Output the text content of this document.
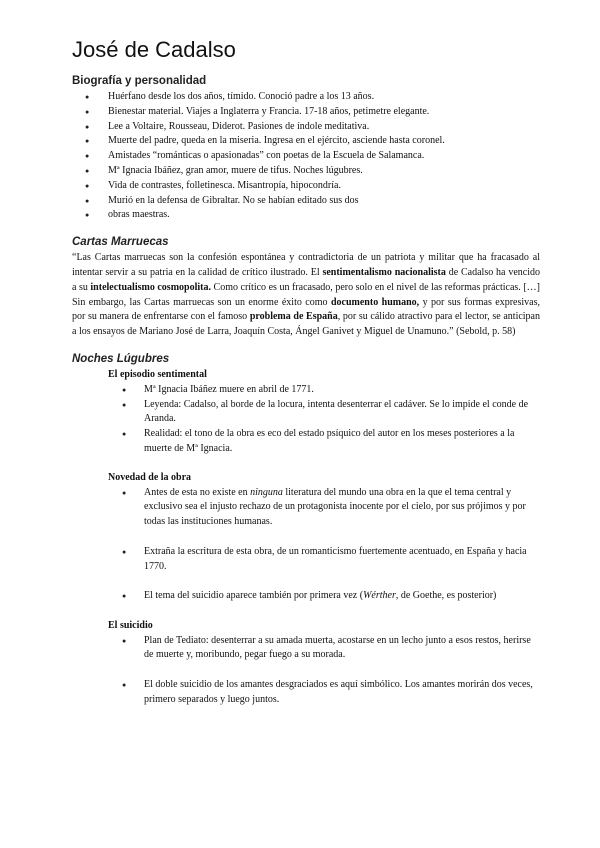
José de Cadalso
Biografía y personalidad
● Huérfano desde los dos años, tímido. Conoció padre a los 13 años.
● Bienestar material. Viajes a Inglaterra y Francia. 17-18 años, petimetre elegante.
● Lee a Voltaire, Rousseau, Diderot. Pasiones de índole meditativa.
● Muerte del padre, queda en la miseria. Ingresa en el ejército, asciende hasta coronel.
● Amistades “románticas o apasionadas” con poetas de la Escuela de Salamanca.
● Mª Ignacia Ibáñez, gran amor, muere de tifus. Noches lúgubres.
● Vida de contrastes, folletinesca. Misantropía, hipocondría.
● Murió en la defensa de Gibraltar. No se habían editado sus dos
● obras maestras.
Cartas Marruecas

“Las Cartas marruecas son la confesión espontánea y contradictoria de un patriota y militar que ha fracasado al intentar servir a su patria en la calidad de crítico ilustrado. El sentimentalismo nacionalista de Cadalso ha vencido a su intelectualismo cosmopolita. Como crítico es un fracasado, pero solo en el nivel de las reformas prácticas. […] Sin embargo, las Cartas marruecas son un enorme éxito como documento humano, y por sus formas expresivas, por su manera de enfrentarse con el famoso problema de España, por su cálido atractivo para el lector, se anticipan a los ensayos de Mariano José de Larra, Joaquín Costa, Ángel Ganivet y Miguel de Unamuno.” (Sebold, p. 58)

Noches Lúgubres
El episodio sentimental
● Mª Ignacia Ibáñez muere en abril de 1771.
● Leyenda: Cadalso, al borde de la locura, intenta desenterrar el cadáver. Se lo impide el conde de Aranda.
● Realidad: el tono de la obra es eco del estado psíquico del autor en los meses posteriores a la muerte de Mª Ignacia.
Novedad de la obra
● Antes de esta no existe en ninguna literatura del mundo una obra en la que el tema central y exclusivo sea el injusto rechazo de un protagonista inocente por el cielo, por sus prójimos y por todas las instituciones humanas.
● Extraña la escritura de esta obra, de un romanticismo fuertemente acentuado, en España y hacia 1770.
● El tema del suicidio aparece también por primera vez (Wérther, de Goethe, es posterior)
El suicidio
● Plan de Tediato: desenterrar a su amada muerta, acostarse en un lecho junto a esos restos, herirse de muerte y, moribundo, pegar fuego a su morada.
● El doble suicidio de los amantes desgraciados es aquí simbólico. Los amantes morirán dos veces, primero separados y luego juntos.
